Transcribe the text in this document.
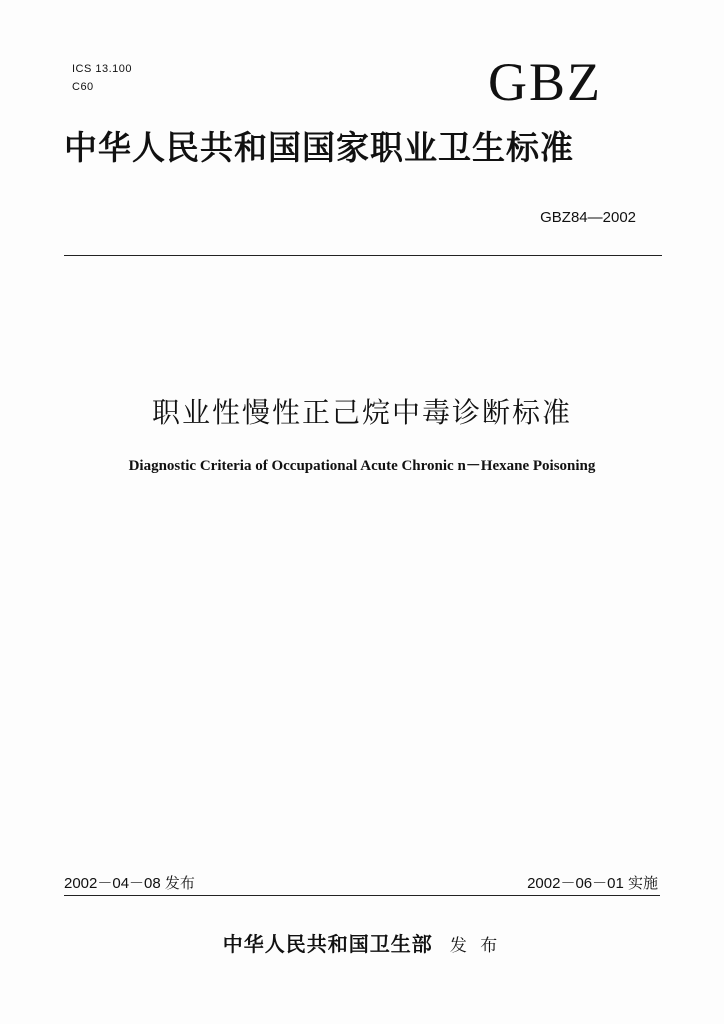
ICS 13.100
C60	GBZ
中华人民共和国国家职业卫生标准
GBZ84—2002
职业性慢性正己烷中毒诊断标准
Diagnostic Criteria of Occupational Acute Chronic n－Hexane Poisoning
2002－04－08 发布	2002－06－01 实施
中华人民共和国卫生部 发 布
